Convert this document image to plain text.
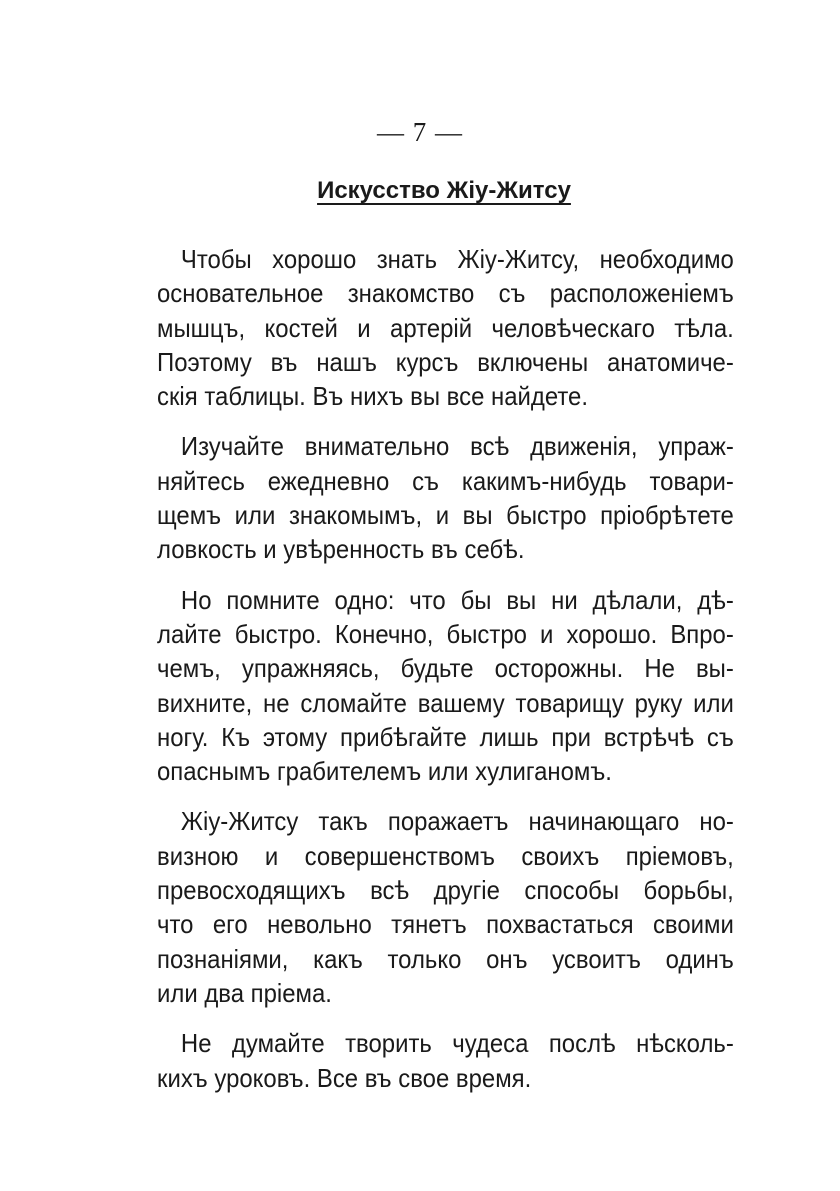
— 7 —
Искусство Жіу-Житсу
Чтобы хорошо знать Жіу-Житсу, необходимо
основательное знакомство съ расположеніемъ
мышцъ, костей и артерій человѣческаго тѣла.
Поэтому въ нашъ курсъ включены анатомиче-
скія таблицы. Въ нихъ вы все найдете.
Изучайте внимательно всѣ движенія, упраж-
няйтесь ежедневно съ какимъ-нибудь товари-
щемъ или знакомымъ, и вы быстро пріобрѣтете
ловкость и увѣренность въ себѣ.
Но помните одно: что бы вы ни дѣлали, дѣ-
лайте быстро. Конечно, быстро и хорошо. Впро-
чемъ, упражняясь, будьте осторожны. Не вы-
вихните, не сломайте вашему товарищу руку или
ногу. Къ этому прибѣгайте лишь при встрѣчѣ съ
опаснымъ грабителемъ или хулиганомъ.
Жіу-Житсу такъ поражаетъ начинающаго но-
визною и совершенствомъ своихъ пріемовъ,
превосходящихъ всѣ другіе способы борьбы,
что его невольно тянетъ похвастаться своими
познаніями, какъ только онъ усвоитъ одинъ
или два пріема.
Не думайте творить чудеса послѣ нѣсколь-
кихъ уроковъ. Все въ свое время.
